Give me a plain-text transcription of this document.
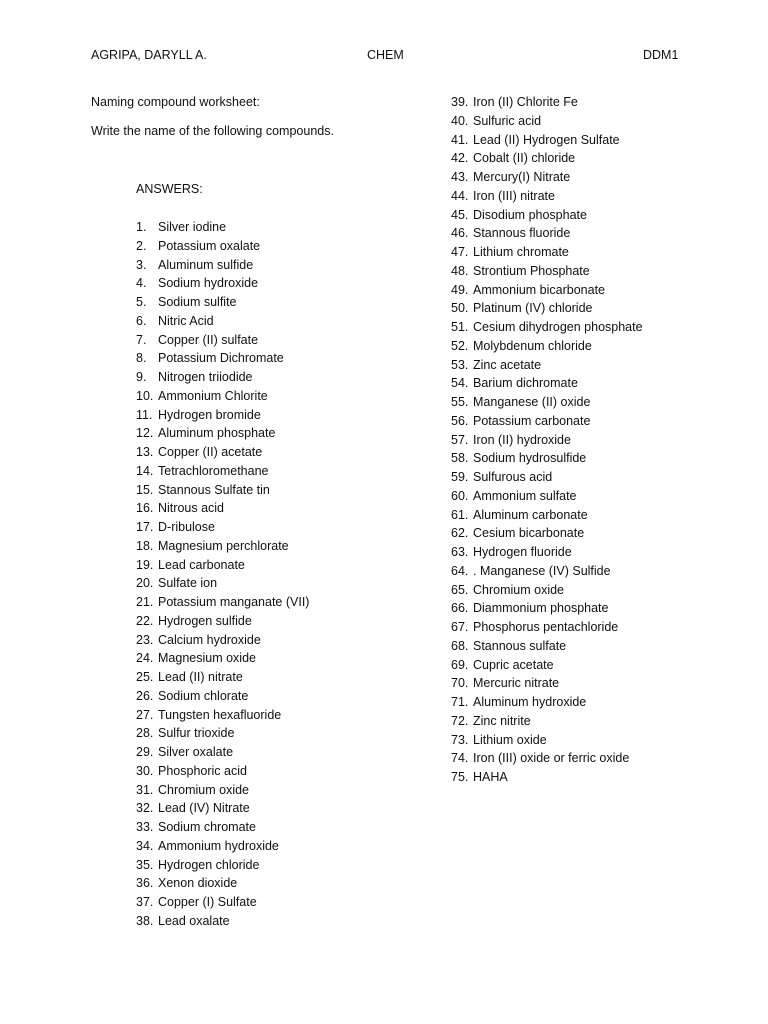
AGRIPA, DARYLL A.	CHEM	DDM1
Naming compound worksheet:
Write the name of the following compounds.
ANSWERS:
1. Silver iodine
2. Potassium oxalate
3. Aluminum sulfide
4. Sodium hydroxide
5. Sodium sulfite
6. Nitric Acid
7. Copper (II) sulfate
8. Potassium Dichromate
9. Nitrogen triiodide
10. Ammonium Chlorite
11. Hydrogen bromide
12. Aluminum phosphate
13. Copper (II) acetate
14. Tetrachloromethane
15. Stannous Sulfate tin
16. Nitrous acid
17. D-ribulose
18. Magnesium perchlorate
19. Lead carbonate
20. Sulfate ion
21. Potassium manganate (VII)
22. Hydrogen sulfide
23. Calcium hydroxide
24. Magnesium oxide
25. Lead (II) nitrate
26. Sodium chlorate
27. Tungsten hexafluoride
28. Sulfur trioxide
29. Silver oxalate
30. Phosphoric acid
31. Chromium oxide
32. Lead (IV) Nitrate
33. Sodium chromate
34. Ammonium hydroxide
35. Hydrogen chloride
36. Xenon dioxide
37. Copper (I) Sulfate
38. Lead oxalate
39. Iron (II) Chlorite Fe
40. Sulfuric acid
41. Lead (II) Hydrogen Sulfate
42. Cobalt (II) chloride
43. Mercury(I) Nitrate
44. Iron (III) nitrate
45. Disodium phosphate
46. Stannous fluoride
47. Lithium chromate
48. Strontium Phosphate
49. Ammonium bicarbonate
50. Platinum (IV) chloride
51. Cesium dihydrogen phosphate
52. Molybdenum chloride
53. Zinc acetate
54. Barium dichromate
55. Manganese (II) oxide
56. Potassium carbonate
57. Iron (II) hydroxide
58. Sodium hydrosulfide
59. Sulfurous acid
60. Ammonium sulfate
61. Aluminum carbonate
62. Cesium bicarbonate
63. Hydrogen fluoride
64. . Manganese (IV) Sulfide
65. Chromium oxide
66. Diammonium phosphate
67. Phosphorus pentachloride
68. Stannous sulfate
69. Cupric acetate
70. Mercuric nitrate
71. Aluminum hydroxide
72. Zinc nitrite
73. Lithium oxide
74. Iron (III) oxide or ferric oxide
75. HAHA
